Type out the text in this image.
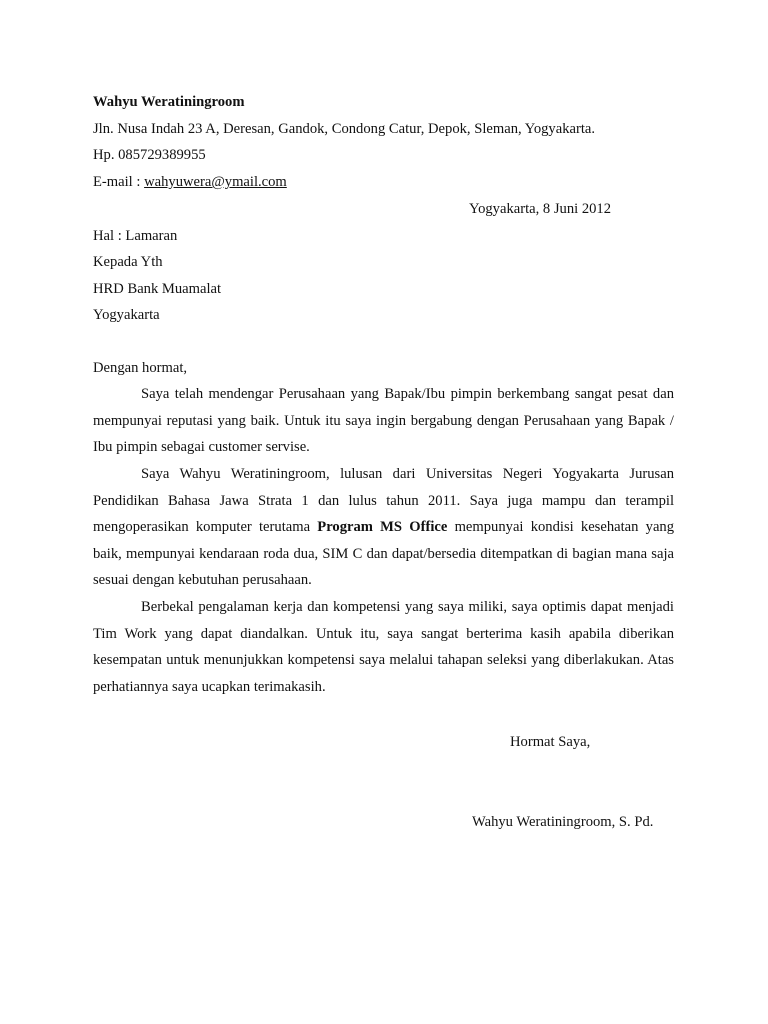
Wahyu Weratiningroom
Jln. Nusa Indah 23 A, Deresan, Gandok, Condong Catur, Depok, Sleman, Yogyakarta.
Hp. 085729389955
E-mail : wahyuwera@ymail.com
Yogyakarta, 8 Juni 2012
Hal : Lamaran
Kepada Yth
HRD Bank Muamalat
Yogyakarta
Dengan hormat,
Saya telah mendengar Perusahaan yang Bapak/Ibu pimpin berkembang sangat pesat dan mempunyai reputasi yang baik. Untuk itu saya ingin bergabung dengan Perusahaan yang Bapak / Ibu pimpin sebagai customer servise.
Saya Wahyu Weratiningroom, lulusan dari Universitas Negeri Yogyakarta Jurusan Pendidikan Bahasa Jawa Strata 1 dan lulus tahun 2011. Saya juga mampu dan terampil mengoperasikan komputer terutama Program MS Office mempunyai kondisi kesehatan yang baik, mempunyai kendaraan roda dua, SIM C dan dapat/bersedia ditempatkan di bagian mana saja sesuai dengan kebutuhan perusahaan.
Berbekal pengalaman kerja dan kompetensi yang saya miliki, saya optimis dapat menjadi Tim Work yang dapat diandalkan. Untuk itu, saya sangat berterima kasih apabila diberikan kesempatan untuk menunjukkan kompetensi saya melalui tahapan seleksi yang diberlakukan. Atas perhatiannya saya ucapkan terimakasih.
Hormat Saya,
Wahyu Weratiningroom, S. Pd.
